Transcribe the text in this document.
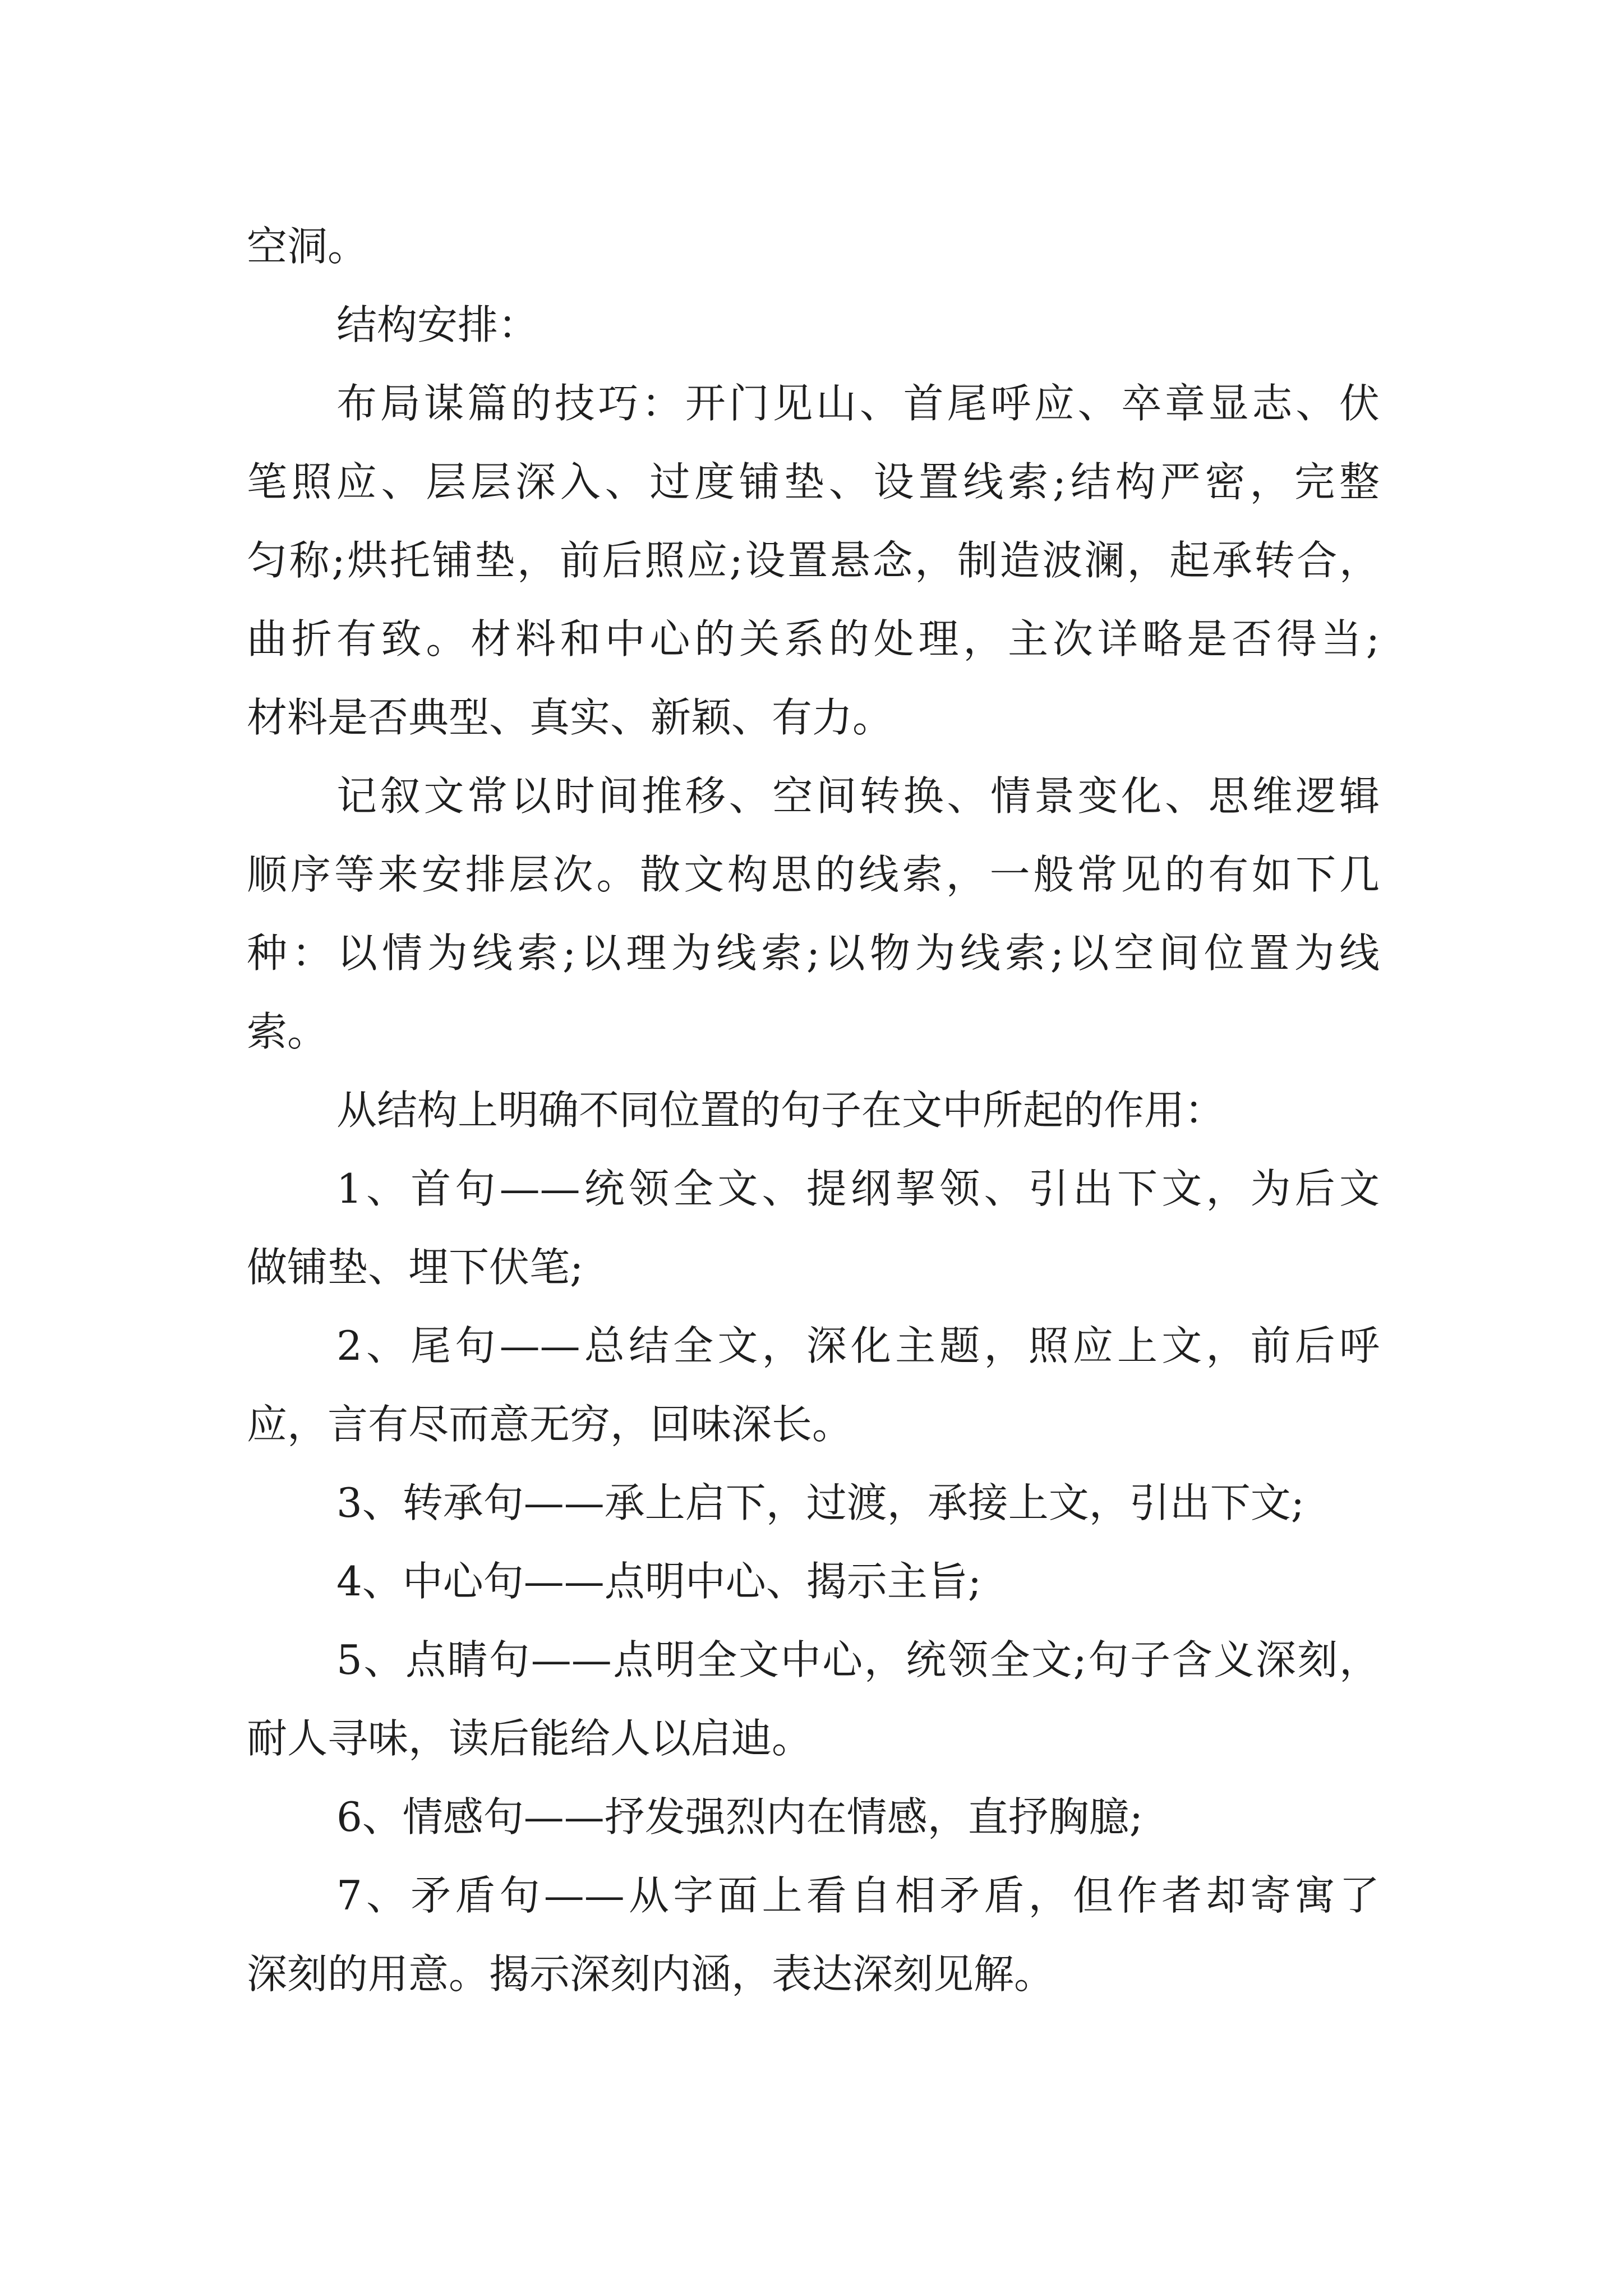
空洞。
结构安排：
布局谋篇的技巧：开门见山、首尾呼应、卒章显志、伏
笔照应、层层深入、过度铺垫、设置线索;结构严密，完整
匀称;烘托铺垫，前后照应;设置悬念，制造波澜，起承转合，
曲折有致。材料和中心的关系的处理，主次详略是否得当;
材料是否典型、真实、新颖、有力。
记叙文常以时间推移、空间转换、情景变化、思维逻辑
顺序等来安排层次。散文构思的线索，一般常见的有如下几
种：以情为线索;以理为线索;以物为线索;以空间位置为线
索。
从结构上明确不同位置的句子在文中所起的作用：
1、首句——统领全文、提纲挈领、引出下文，为后文
做铺垫、埋下伏笔;
2、尾句——总结全文，深化主题，照应上文，前后呼
应，言有尽而意无穷，回味深长。
3、转承句——承上启下，过渡，承接上文，引出下文;
4、中心句——点明中心、揭示主旨;
5、点睛句——点明全文中心，统领全文;句子含义深刻，
耐人寻味，读后能给人以启迪。
6、情感句——抒发强烈内在情感，直抒胸臆;
7、矛盾句——从字面上看自相矛盾，但作者却寄寓了
深刻的用意。揭示深刻内涵，表达深刻见解。
